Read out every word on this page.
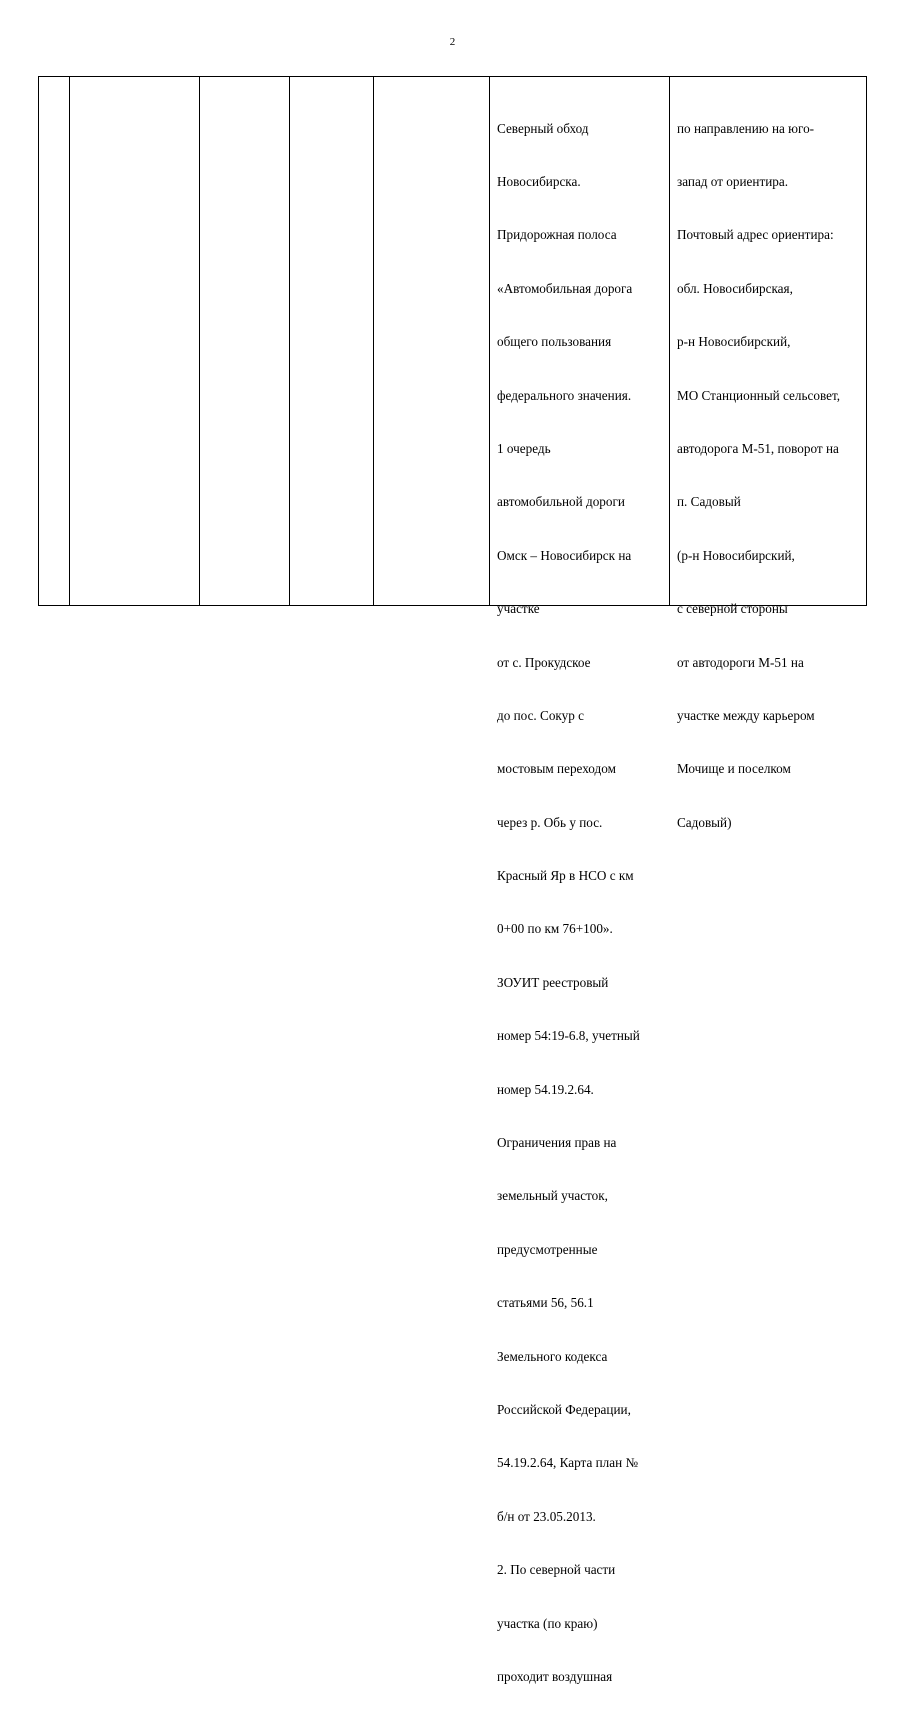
2

Северный обход

Новосибирска.

Придорожная полоса

«Автомобильная дорога

общего пользования

федерального значения.

1 очередь

автомобильной дороги

Омск – Новосибирск на

участке

от с. Прокудское

до пос. Сокур с

мостовым переходом

через р. Обь у пос.

Красный Яр в НСО с км

0+00 по км 76+100».

ЗОУИТ реестровый

номер 54:19-6.8, учетный

номер 54.19.2.64.

Ограничения прав на

земельный участок,

предусмотренные

статьями 56, 56.1

Земельного кодекса

Российской Федерации,

54.19.2.64, Карта план №

б/н от 23.05.2013.

2. По северной части

участка (по краю)

проходит воздушная

по направлению на юго-

запад от ориентира.

Почтовый адрес ориентира:

обл. Новосибирская,

р-н Новосибирский,

МО Станционный сельсовет,

автодорога М-51, поворот на

п. Садовый

(р-н Новосибирский,

с северной стороны

от автодороги М-51 на

участке между карьером

Мочище и поселком

Садовый)
